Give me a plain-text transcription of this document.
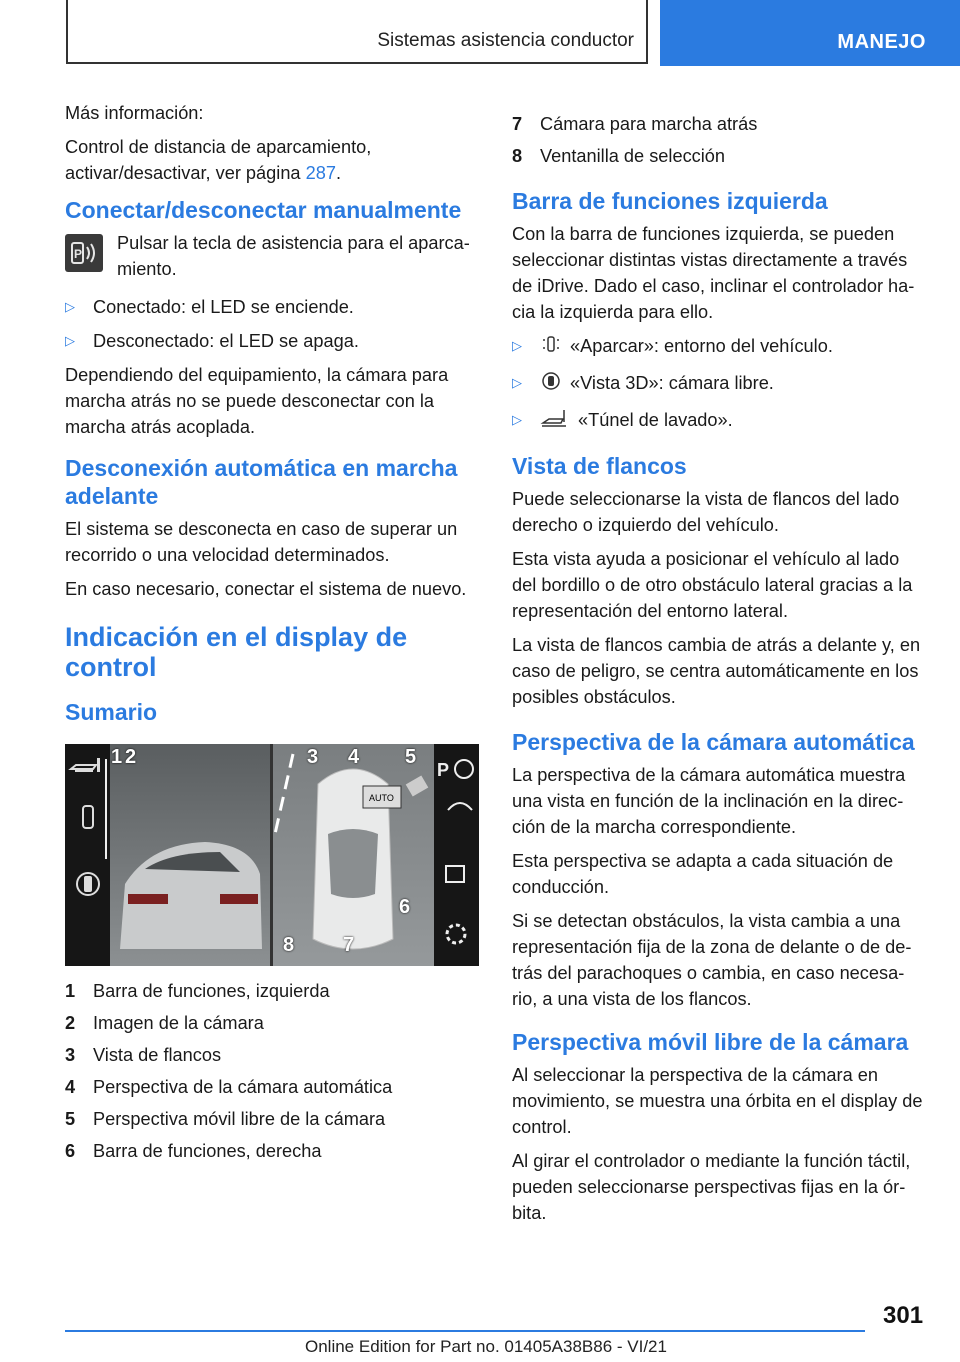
Sistemas asistencia conductor	MANEJO

Más información:

Control de distancia de aparcamiento, activar/desactivar, ver página 287.

Conectar/desconectar manualmente
P

Pulsar la tecla de asistencia para el aparca-miento.

▷ Conectado: el LED se enciende.
▷ Desconectado: el LED se apaga.

Dependiendo del equipamiento, la cámara para marcha atrás no se puede desconectar con la marcha atrás acoplada.

Desconexión automática en marcha adelante

El sistema se desconecta en caso de superar un recorrido o una velocidad determinados.

En caso necesario, conectar el sistema de nuevo.

Indicación en el display de control
Sumario
AUTO
P
1 2	3 4 5
6
7
8
1 Barra de funciones, izquierda
2 Imagen de la cámara
3 Vista de flancos
4 Perspectiva de la cámara automática
5 Perspectiva móvil libre de la cámara
6 Barra de funciones, derecha
7 Cámara para marcha atrás
8 Ventanilla de selección
Barra de funciones izquierda

Con la barra de funciones izquierda, se pueden seleccionar distintas vistas directamente a través de iDrive. Dado el caso, inclinar el controlador ha-cia la izquierda para ello.

▷	«Aparcar»: entorno del vehículo.
▷	«Vista 3D»: cámara libre.
▷	«Túnel de lavado».
Vista de flancos

Puede seleccionarse la vista de flancos del lado derecho o izquierdo del vehículo.

Esta vista ayuda a posicionar el vehículo al lado del bordillo o de otro obstáculo lateral gracias a la representación del entorno lateral.

La vista de flancos cambia de atrás a delante y, en caso de peligro, se centra automáticamente en los posibles obstáculos.

Perspectiva de la cámara automática

La perspectiva de la cámara automática muestra una vista en función de la inclinación en la direc-ción de la marcha correspondiente.

Esta perspectiva se adapta a cada situación de conducción.

Si se detectan obstáculos, la vista cambia a una representación fija de la zona de delante o de de-trás del parachoques o cambia, en caso necesa-rio, a una vista de los flancos.

Perspectiva móvil libre de la cámara

Al seleccionar la perspectiva de la cámara en movimiento, se muestra una órbita en el display de control.

Al girar el controlador o mediante la función táctil, pueden seleccionarse perspectivas fijas en la ór-bita.

301
Online Edition for Part no. 01405A38B86 - VI/21
